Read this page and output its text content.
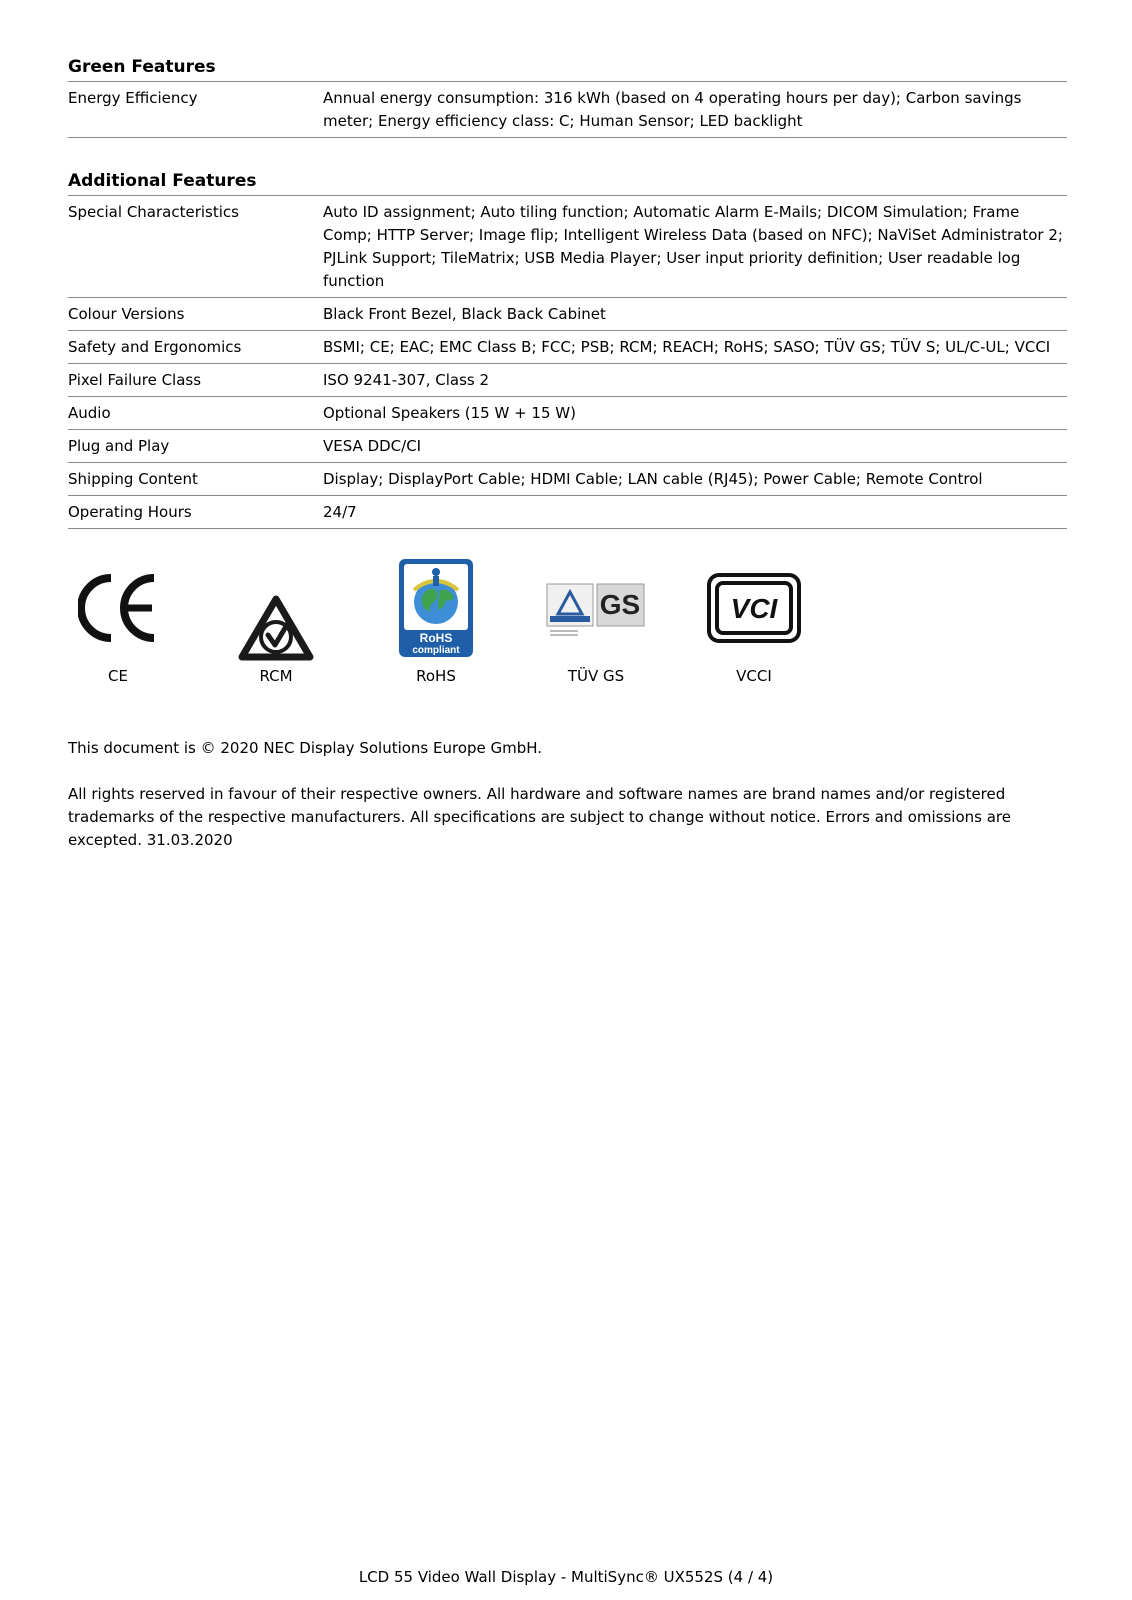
Green Features
Energy Efficiency	Annual energy consumption: 316 kWh (based on 4 operating hours per day); Carbon savings meter; Energy efficiency class: C; Human Sensor; LED backlight
Additional Features
Special Characteristics	Auto ID assignment; Auto tiling function; Automatic Alarm E-Mails; DICOM Simulation; Frame Comp; HTTP Server; Image flip; Intelligent Wireless Data (based on NFC); NaViSet Administrator 2; PJLink Support; TileMatrix; USB Media Player; User input priority definition; User readable log function
Colour Versions	Black Front Bezel, Black Back Cabinet
Safety and Ergonomics	BSMI; CE; EAC; EMC Class B; FCC; PSB; RCM; REACH; RoHS; SASO; TÜV GS; TÜV S; UL/C-UL; VCCI
Pixel Failure Class	ISO 9241-307, Class 2
Audio	Optional Speakers (15 W + 15 W)
Plug and Play	VESA DDC/CI
Shipping Content	Display; DisplayPort Cable; HDMI Cable; LAN cable (RJ45); Power Cable; Remote Control
Operating Hours	24/7
CE	RCM
RoHS
compliant
RoHS
GS
TÜV GS
VCI
VCCI
This document is © 2020 NEC Display Solutions Europe GmbH.
All rights reserved in favour of their respective owners. All hardware and software names are brand names and/or registered trademarks of the respective manufacturers. All specifications are subject to change without notice. Errors and omissions are excepted. 31.03.2020
LCD 55 Video Wall Display - MultiSync® UX552S (4 / 4)
